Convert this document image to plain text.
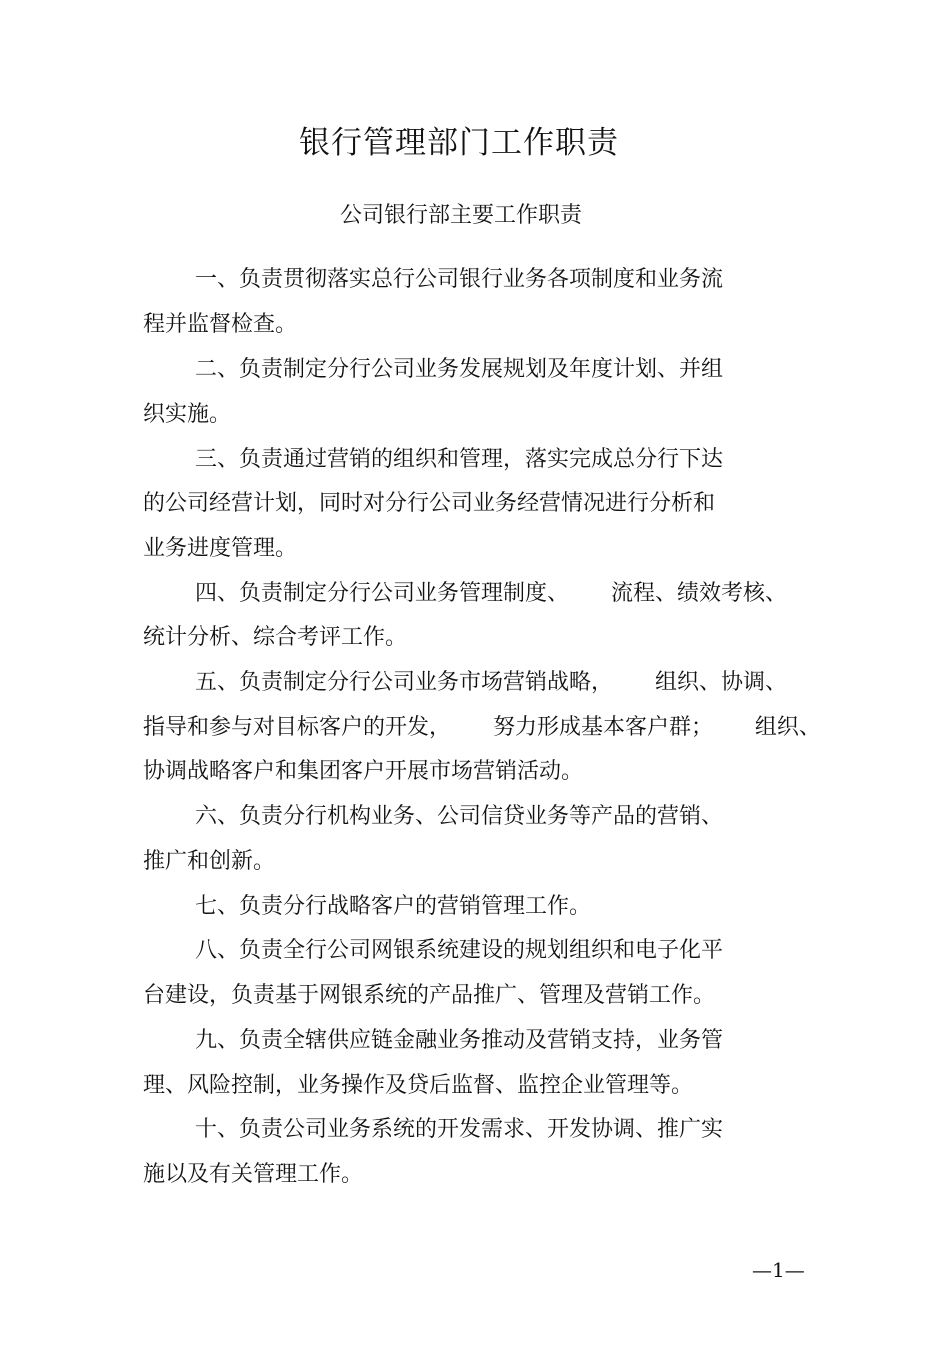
银行管理部门工作职责
公司银行部主要工作职责

一、负责贯彻落实总行公司银行业务各项制度和业务流

程并监督检查。

二、负责制定分行公司业务发展规划及年度计划、并组

织实施。

三、负责通过营销的组织和管理，落实完成总分行下达

的公司经营计划，同时对分行公司业务经营情况进行分析和

业务进度管理。

四、负责制定分行公司业务管理制度、      流程、绩效考核、

统计分析、综合考评工作。

五、负责制定分行公司业务市场营销战略，      组织、协调、

指导和参与对目标客户的开发，      努力形成基本客户群；      组织、

协调战略客户和集团客户开展市场营销活动。

六、负责分行机构业务、公司信贷业务等产品的营销、

推广和创新。

七、负责分行战略客户的营销管理工作。

八、负责全行公司网银系统建设的规划组织和电子化平

台建设，负责基于网银系统的产品推广、管理及营销工作。

九、负责全辖供应链金融业务推动及营销支持，业务管

理、风险控制，业务操作及贷后监督、监控企业管理等。

十、负责公司业务系统的开发需求、开发协调、推广实

施以及有关管理工作。

—1—
